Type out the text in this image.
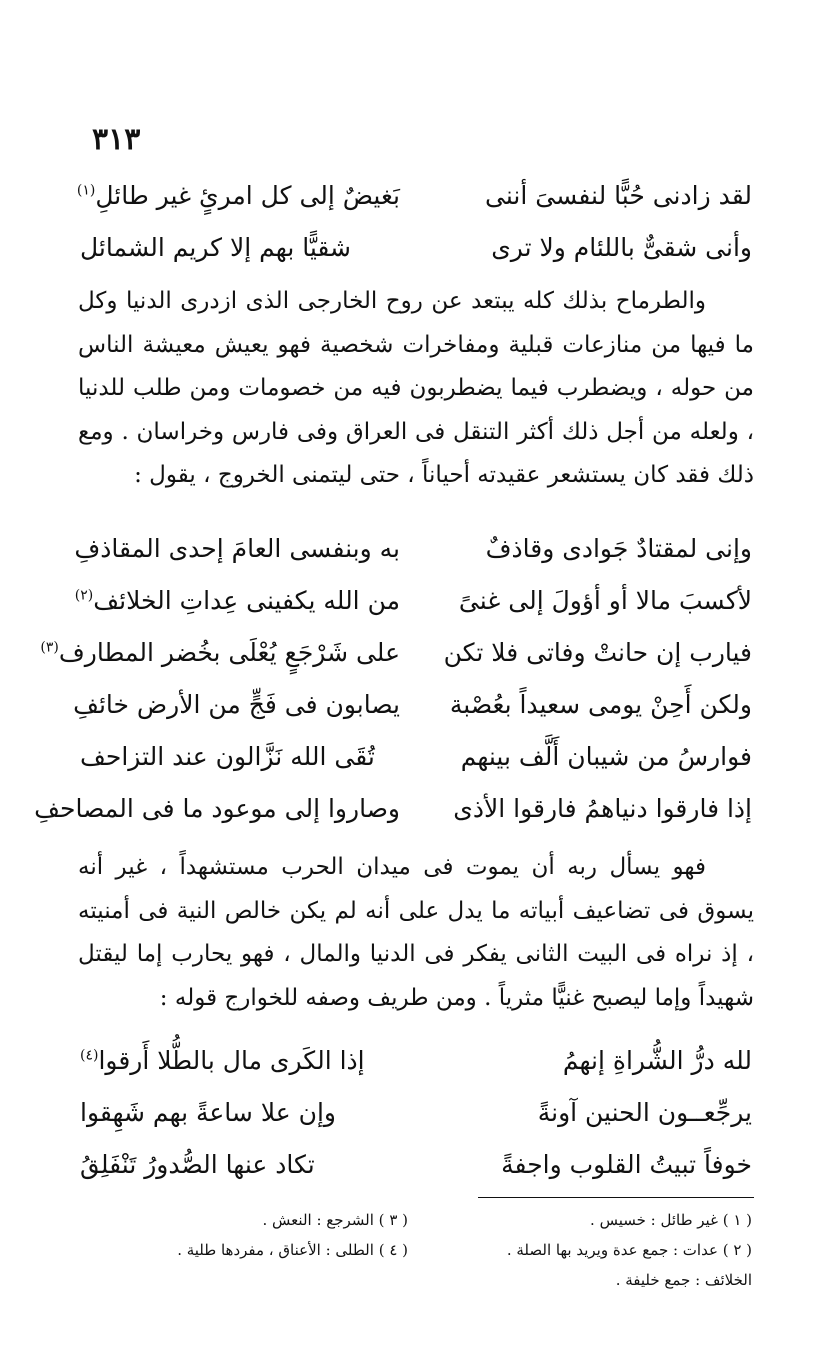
٣١٣
لقد زادنى حُبًّا لنفسىَ أننى
بَغيضٌ إلى كل امرئٍ غير طائلِ$^{(١)}$
وأنى شقىٌّ باللئام ولا ترى
شقيًّا بهم إلا كريم الشمائل

والطرماح بذلك كله يبتعد عن روح الخارجى الذى ازدرى الدنيا وكل ما فيها من منازعات قبلية ومفاخرات شخصية فهو يعيش معيشة الناس من حوله ، ويضطرب فيما يضطربون فيه من خصومات ومن طلب للدنيا ، ولعله من أجل ذلك أكثر التنقل فى العراق وفى فارس وخراسان . ومع ذلك فقد كان يستشعر عقيدته أحياناً ، حتى ليتمنى الخروج ، يقول :

وإنى لمقتادٌ جَوادى وقاذفٌ
به وبنفسى العامَ إحدى المقاذفِ
لأكسبَ مالا أو أؤولَ إلى غنىً
من الله يكفينى عِداتِ الخلائف$^{(٢)}$
فيارب إن حانتْ وفاتى فلا تكن
على شَرْجَعٍ يُعْلَى بخُضر المطارف$^{(٣)}$
ولكن أَحِنْ يومى سعيداً بعُصْبة
يصابون فى فَجٍّ من الأرض خائفِ
فوارسُ من شيبان أَلَّف بينهم
تُقَى الله نَزَّالون عند التزاحف
إذا فارقوا دنياهمُ فارقوا الأذى
وصاروا إلى موعود ما فى المصاحفِ

فهو يسأل ربه أن يموت فى ميدان الحرب مستشهداً ، غير أنه يسوق فى تضاعيف أبياته ما يدل على أنه لم يكن خالص النية فى أمنيته ، إذ نراه فى البيت الثانى يفكر فى الدنيا والمال ، فهو يحارب إما ليقتل شهيداً وإما ليصبح غنيًّا مثرياً . ومن طريف وصفه للخوارج قوله :

لله درُّ الشُّراةِ إنهمُ
إذا الكَرى مال بالطُّلا أَرقوا$^{(٤)}$
يرجِّعــون الحنين آونةً
وإن علا ساعةً بهم شَهِقوا
خوفاً تبيتُ القلوب واجفةً
تكاد عنها الصُّدورُ تَنْفَلِقُ
( ١ ) غير طائل : خسيس .
( ٢ ) عدات : جمع عدة ويريد بها الصلة .
الخلائف : جمع خليفة .
( ٣ ) الشرجع : النعش .
( ٤ ) الطلى : الأعناق ، مفردها طلية .
